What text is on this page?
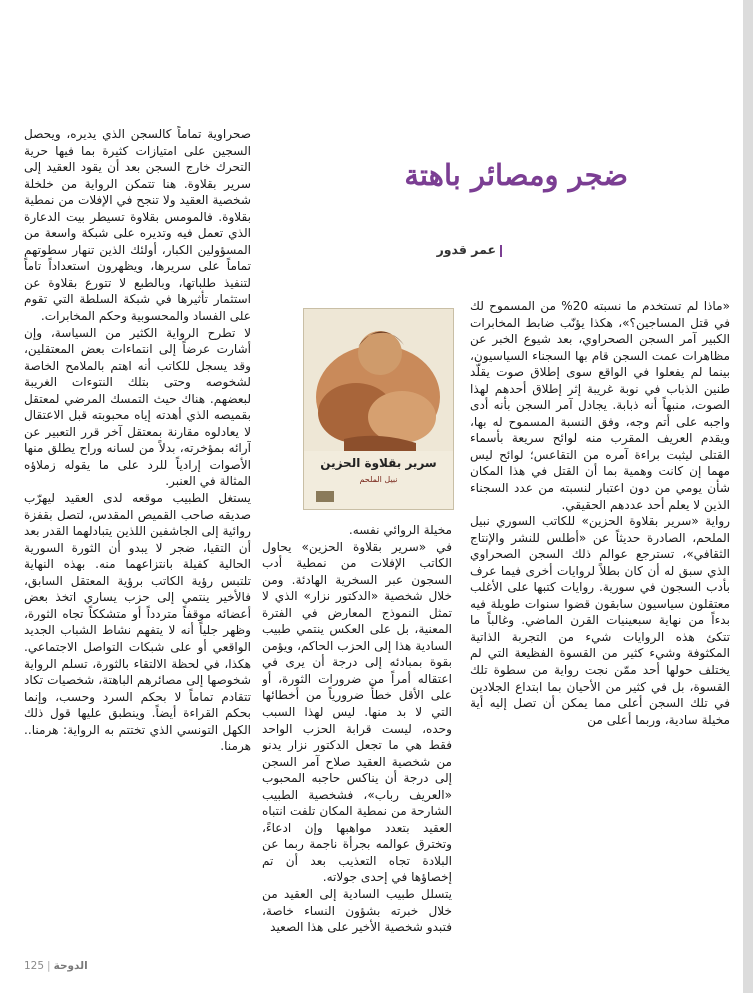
ضجر ومصائر باهتة
عمر قدور
سرير بقلاوة الحزين
نبيل الملحم

«ماذا لم تستخدم ما نسبته 20% من المسموح لك في قتل المساجين؟»، هكذا يؤنّب ضابط المخابرات الكبير آمر السجن الصحراوي، بعد شيوع الخبر عن مظاهرات عمت السجن قام بها السجناء السياسيون، بينما لم يفعلوا في الواقع سوى إطلاق صوت يقلّد طنين الذباب في نوبة غريبة إثر إطلاق أحدهم لهذا الصوت، منبهاً أنه ذبابة. يجادل آمر السجن بأنه أدى واجبه على أتم وجه، وفق النسبة المسموح له بها، ويقدم العريف المقرب منه لوائح سريعة بأسماء القتلى ليثبت براءة آمره من التقاعس؛ لوائح ليس مهما إن كانت وهمية بما أن القتل في هذا المكان شأن يومي من دون اعتبار لنسبته من عدد السجناء الذين لا يعلم أحد عددهم الحقيقي.

رواية «سرير بقلاوة الحزين» للكاتب السوري نبيل الملحم، الصادرة حديثاً عن «أطلس للنشر والإنتاج الثقافي»، تسترجع عوالم ذلك السجن الصحراوي الذي سبق له أن كان بطلاً لروايات أخرى فيما عرف بأدب السجون في سورية. روايات كتبها على الأغلب معتقلون سياسيون سابقون قضوا سنوات طويلة فيه بدءاً من نهاية سبعينيات القرن الماضي. وغالباً ما تتكئ هذه الروايات شيء من التجربة الذاتية المكثوفة وشيء كثير من القسوة الفظيعة التي لم يختلف حولها أحد ممّن نجت رواية من سطوة تلك القسوة، بل في كثير من الأحيان بما ابتداع الجلادين في تلك السجن أعلى مما يمكن أن تصل إليه أية مخيلة سادية، وربما أعلى من

مخيلة الروائي نفسه.

في «سرير بقلاوة الحزين» يحاول الكاتب الإفلات من نمطية أدب السجون عبر السخرية الهادئة. ومن خلال شخصية «الدكتور نزار» الذي لا تمثل النموذج المعارض في الفترة المعنية، بل على العكس ينتمي طبيب السادية هذا إلى الحزب الحاكم، ويؤمن بقوة بمبادئه إلى درجة أن يرى في اعتقاله أمراً من ضرورات الثورة، أو على الأقل خطأً ضرورياً من أخطائها التي لا بد منها. ليس لهذا السبب وحده، ليست قرابة الحزب الواحد فقط هي ما تجعل الدكتور نزار يدنو من شخصية العقيد صلاح آمر السجن إلى درجة أن يناكس حاجبه المحبوب «العريف رباب»، فشخصية الطبيب الشارحة من نمطية المكان تلفت انتباه العقيد بتعدد مواهبها وإن ادعاءً، وتخترق عوالمه بجرأة ناجمة ربما عن البلادة تجاه التعذيب بعد أن تم إخصاؤها في إحدى جولاته.

يتسلل طبيب السادية إلى العقيد من خلال خبرته بشؤون النساء خاصة، فتبدو شخصية الأخير على هذا الصعيد

صحراوية تماماً كالسجن الذي يديره، ويحصل السجين على امتيازات كثيرة بما فيها حرية التحرك خارج السجن بعد أن يقود العقيد إلى سرير بقلاوة. هنا تتمكن الرواية من خلخلة شخصية العقيد ولا تنجح في الإفلات من نمطية بقلاوة. فالمومس بقلاوة تسيطر بيت الدعارة الذي تعمل فيه وتديره على شبكة واسعة من المسؤولين الكبار، أولئك الذين تنهار سطوتهم تماماً على سريرها، ويظهرون استعداداً تاماً لتنفيذ طلباتها، وبالطبع لا تتورع بقلاوة عن استثمار تأثيرها في شبكة السلطة التي تقوم على الفساد والمحسوبية وحكم المخابرات.

لا تطرح الرواية الكثير من السياسة، وإن أشارت عرضاً إلى انتماءات بعض المعتقلين، وقد يسجل للكاتب أنه اهتم بالملامح الخاصة لشخوصه وحتى بتلك النتوءات الغريبة لبعضهم. هناك حيث التمسك المرضي لمعتقل بقميصه الذي أهدته إياه محبوبته قبل الاعتقال لا يعادلوه مقارنة بمعتقل آخر قرر التعبير عن آرائه بمؤخرته، بدلاً من لسانه وراح يطلق منها الأصوات إرادياً للرد على ما يقوله زملاؤه المثالة في العنبر.

يستغل الطبيب موقعه لدى العقيد ليهرّب صديقه صاحب القميص المقدس، لتصل بقفزة روائية إلى الجاشفين اللذين يتبادلهما القدر بعد أن التقيا، ضجر لا يبدو أن الثورة السورية الحالية كفيلة بانتزاعهما منه. بهذه النهاية تلتبس رؤية الكاتب برؤية المعتقل السابق، فالأخير ينتمي إلى حزب يساري اتخذ بعض أعضائه موقفاً متردداً أو متشككاً تجاه الثورة، وظهر جلياً أنه لا يتفهم نشاط الشباب الجديد الواقعي أو على شبكات التواصل الاجتماعي. هكذا، في لحظة الالتقاء بالثورة، تسلم الرواية شخوصها إلى مصائرهم الباهتة، شخصيات تكاد تتقادم تماماً لا بحكم السرد وحسب، وإنما بحكم القراءة أيضاً. وينطبق عليها قول ذلك الكهل التونسي الذي تختتم به الرواية: هرمنا.. هرمنا.

125 | الدوحة
